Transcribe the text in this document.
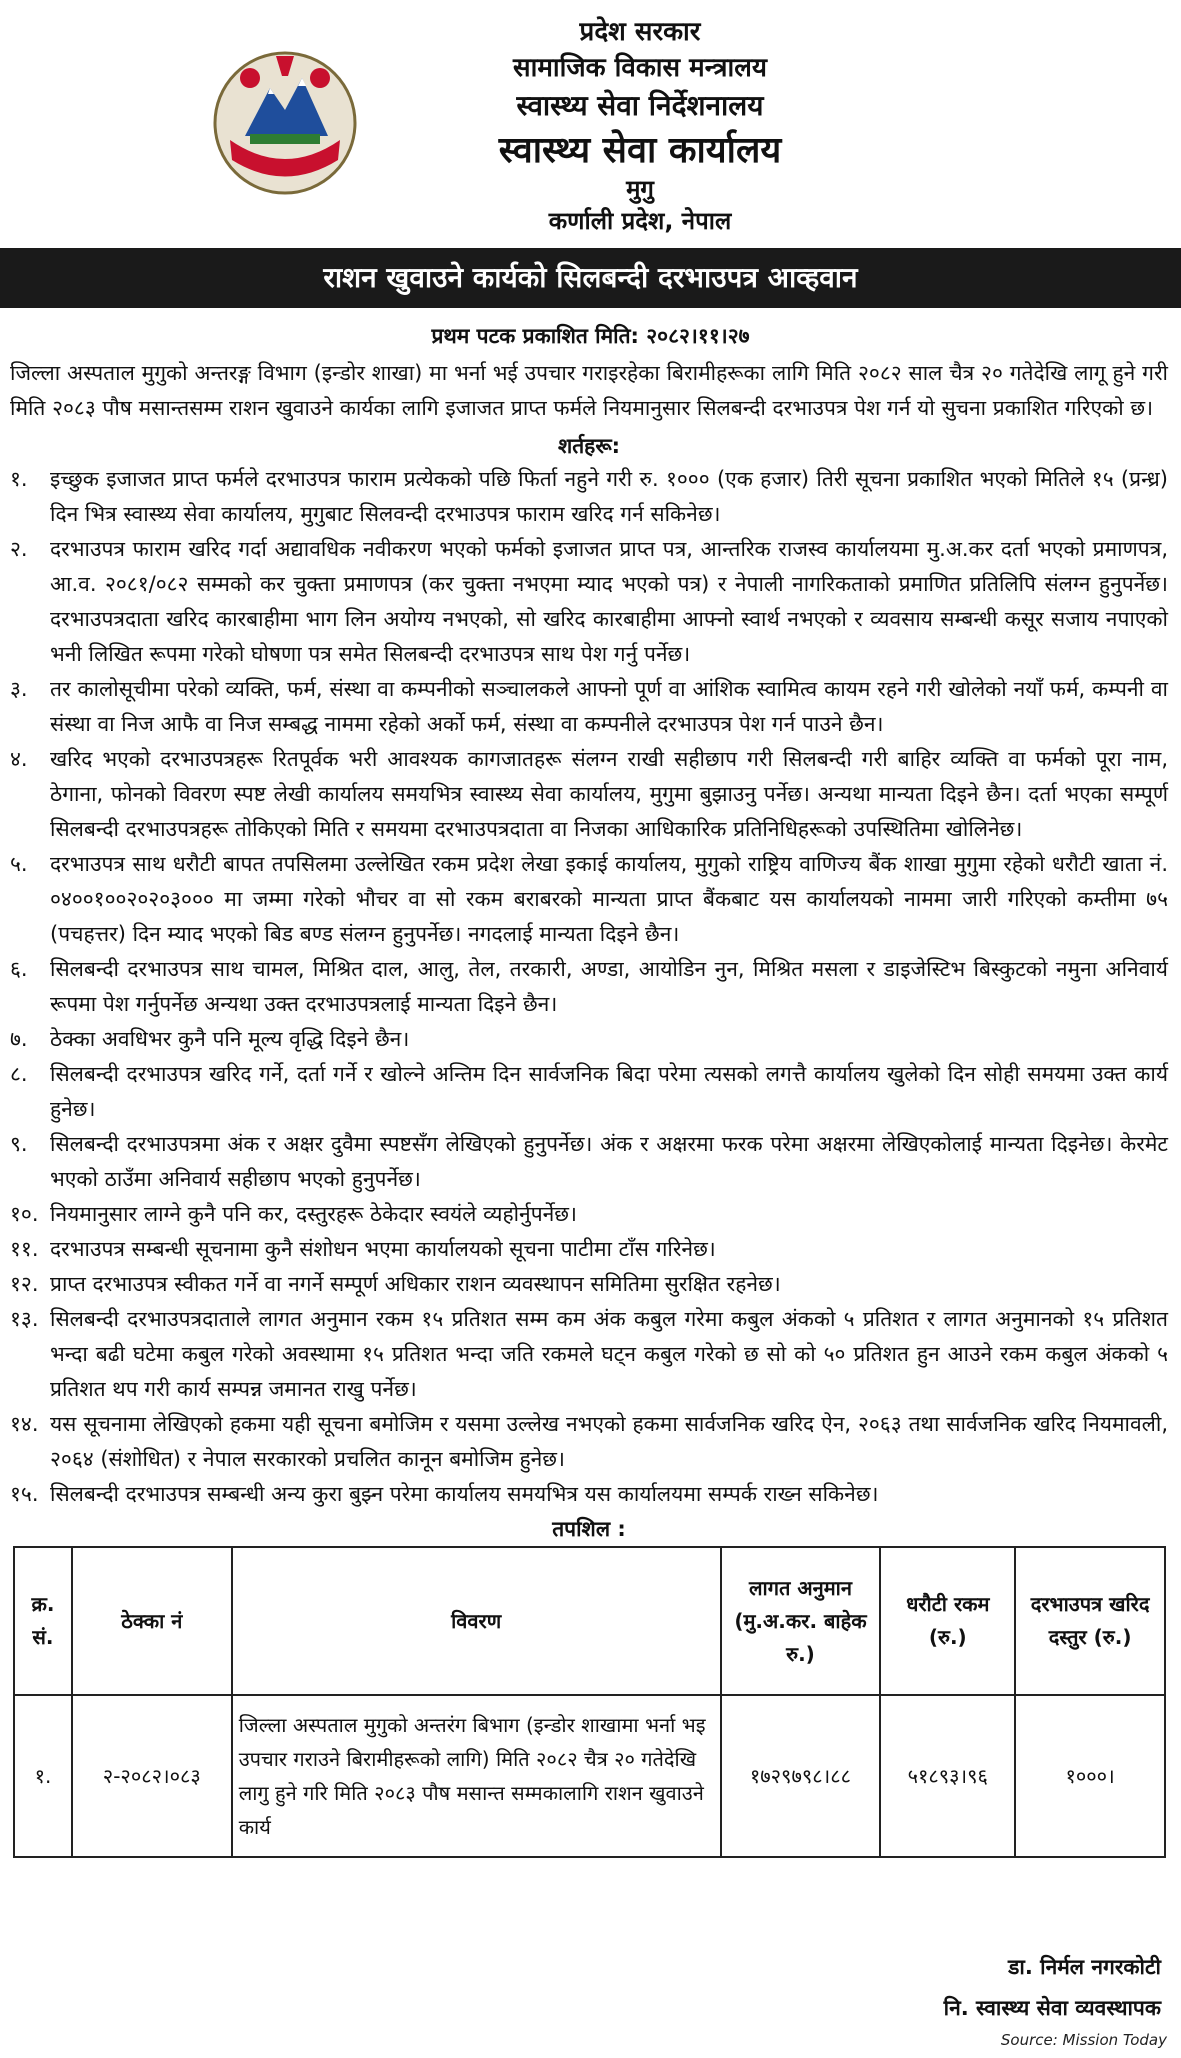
प्रदेश सरकार
सामाजिक विकास मन्त्रालय
स्वास्थ्य सेवा निर्देशनालय
स्वास्थ्य सेवा कार्यालय
मुगु
कर्णाली प्रदेश, नेपाल
राशन खुवाउने कार्यको सिलबन्दी दरभाउपत्र आव्हवान
प्रथम पटक प्रकाशित मिति: २०८२।११।२७

जिल्ला अस्पताल मुगुको अन्तरङ्ग विभाग (इन्डोर शाखा) मा भर्ना भई उपचार गराइरहेका बिरामीहरूका लागि मिति २०८२ साल चैत्र २० गतेदेखि लागू हुने गरी मिति २०८३ पौष मसान्तसम्म राशन खुवाउने कार्यका लागि इजाजत प्राप्त फर्मले नियमानुसार सिलबन्दी दरभाउपत्र पेश गर्न यो सुचना प्रकाशित गरिएको छ।

शर्तहरू:
१.	इच्छुक इजाजत प्राप्त फर्मले दरभाउपत्र फाराम प्रत्येकको पछि फिर्ता नहुने गरी रु. १००० (एक हजार) तिरी सूचना प्रकाशित भएको मितिले १५ (प्रन्ध्र) दिन भित्र स्वास्थ्य सेवा कार्यालय, मुगुबाट सिलवन्दी दरभाउपत्र फाराम खरिद गर्न सकिनेछ।
२.	दरभाउपत्र फाराम खरिद गर्दा अद्यावधिक नवीकरण भएको फर्मको इजाजत प्राप्त पत्र, आन्तरिक राजस्व कार्यालयमा मु.अ.कर दर्ता भएको प्रमाणपत्र, आ.व. २०८१/०८२ सम्मको कर चुक्ता प्रमाणपत्र (कर चुक्ता नभएमा म्याद भएको पत्र) र नेपाली नागरिकताको प्रमाणित प्रतिलिपि संलग्न हुनुपर्नेछ। दरभाउपत्रदाता खरिद कारबाहीमा भाग लिन अयोग्य नभएको, सो खरिद कारबाहीमा आफ्नो स्वार्थ नभएको र व्यवसाय सम्बन्धी कसूर सजाय नपाएको भनी लिखित रूपमा गरेको घोषणा पत्र समेत सिलबन्दी दरभाउपत्र साथ पेश गर्नु पर्नेछ।
३.	तर कालोसूचीमा परेको व्यक्ति, फर्म, संस्था वा कम्पनीको सञ्चालकले आफ्नो पूर्ण वा आंशिक स्वामित्व कायम रहने गरी खोलेको नयाँ फर्म, कम्पनी वा संस्था वा निज आफै वा निज सम्बद्ध नाममा रहेको अर्को फर्म, संस्था वा कम्पनीले दरभाउपत्र पेश गर्न पाउने छैन।
४.	खरिद भएको दरभाउपत्रहरू रितपूर्वक भरी आवश्यक कागजातहरू संलग्न राखी सहीछाप गरी सिलबन्दी गरी बाहिर व्यक्ति वा फर्मको पूरा नाम, ठेगाना, फोनको विवरण स्पष्ट लेखी कार्यालय समयभित्र स्वास्थ्य सेवा कार्यालय, मुगुमा बुझाउनु पर्नेछ। अन्यथा मान्यता दिइने छैन। दर्ता भएका सम्पूर्ण सिलबन्दी दरभाउपत्रहरू तोकिएको मिति र समयमा दरभाउपत्रदाता वा निजका आधिकारिक प्रतिनिधिहरूको उपस्थितिमा खोलिनेछ।
५.	दरभाउपत्र साथ धरौटी बापत तपसिलमा उल्लेखित रकम प्रदेश लेखा इकाई कार्यालय, मुगुको राष्ट्रिय वाणिज्य बैंक शाखा मुगुमा रहेको धरौटी खाता नं. ०४००१००२०२०३००० मा जम्मा गरेको भौचर वा सो रकम बराबरको मान्यता प्राप्त बैंकबाट यस कार्यालयको नाममा जारी गरिएको कम्तीमा ७५ (पचहत्तर) दिन म्याद भएको बिड बण्ड संलग्न हुनुपर्नेछ। नगदलाई मान्यता दिइने छैन।
६.	सिलबन्दी दरभाउपत्र साथ चामल, मिश्रित दाल, आलु, तेल, तरकारी, अण्डा, आयोडिन नुन, मिश्रित मसला र डाइजेस्टिभ बिस्कुटको नमुना अनिवार्य रूपमा पेश गर्नुपर्नेछ अन्यथा उक्त दरभाउपत्रलाई मान्यता दिइने छैन।
७.	ठेक्का अवधिभर कुनै पनि मूल्य वृद्धि दिइने छैन।
८.	सिलबन्दी दरभाउपत्र खरिद गर्ने, दर्ता गर्ने र खोल्ने अन्तिम दिन सार्वजनिक बिदा परेमा त्यसको लगत्तै कार्यालय खुलेको दिन सोही समयमा उक्त कार्य हुनेछ।
९.	सिलबन्दी दरभाउपत्रमा अंक र अक्षर दुवैमा स्पष्टसँग लेखिएको हुनुपर्नेछ। अंक र अक्षरमा फरक परेमा अक्षरमा लेखिएकोलाई मान्यता दिइनेछ। केरमेट भएको ठाउँमा अनिवार्य सहीछाप भएको हुनुपर्नेछ।
१०. नियमानुसार लाग्ने कुनै पनि कर, दस्तुरहरू ठेकेदार स्वयंले व्यहोर्नुपर्नेछ।
११. दरभाउपत्र सम्बन्धी सूचनामा कुनै संशोधन भएमा कार्यालयको सूचना पाटीमा टाँस गरिनेछ।
१२. प्राप्त दरभाउपत्र स्वीकत गर्ने वा नगर्ने सम्पूर्ण अधिकार राशन व्यवस्थापन समितिमा सुरक्षित रहनेछ।
१३. सिलबन्दी दरभाउपत्रदाताले लागत अनुमान रकम १५ प्रतिशत सम्म कम अंक कबुल गरेमा कबुल अंकको ५ प्रतिशत र लागत अनुमानको १५ प्रतिशत भन्दा बढी घटेमा कबुल गरेको अवस्थामा १५ प्रतिशत भन्दा जति रकमले घट्न कबुल गरेको छ सो को ५० प्रतिशत हुन आउने रकम कबुल अंकको ५ प्रतिशत थप गरी कार्य सम्पन्न जमानत राखु पर्नेछ।
१४. यस सूचनामा लेखिएको हकमा यही सूचना बमोजिम र यसमा उल्लेख नभएको हकमा सार्वजनिक खरिद ऐन, २०६३ तथा सार्वजनिक खरिद नियमावली, २०६४ (संशोधित) र नेपाल सरकारको प्रचलित कानून बमोजिम हुनेछ।
१५. सिलबन्दी दरभाउपत्र सम्बन्धी अन्य कुरा बुझ्न परेमा कार्यालय समयभित्र यस कार्यालयमा सम्पर्क राख्न सकिनेछ।
तपशिल :
क्र. सं.	ठेक्का नं	विवरण	लागत अनुमान (मु.अ.कर. बाहेक रु.)	धरौटी रकम (रु.)	दरभाउपत्र खरिद दस्तुर (रु.)
१.	२-२०८२।०८३	जिल्ला अस्पताल मुगुको अन्तरंग बिभाग (इन्डोर शाखामा भर्ना भइ उपचार गराउने बिरामीहरूको लागि) मिति २०८२ चैत्र २० गतेदेखि लागु हुने गरि मिति २०८३ पौष मसान्त सम्मकालागि राशन खुवाउने कार्य	१७२९७९८।८८	५१८९३।९६	१०००।
डा. निर्मल नगरकोटी
नि. स्वास्थ्य सेवा व्यवस्थापक
Source: Mission Today
